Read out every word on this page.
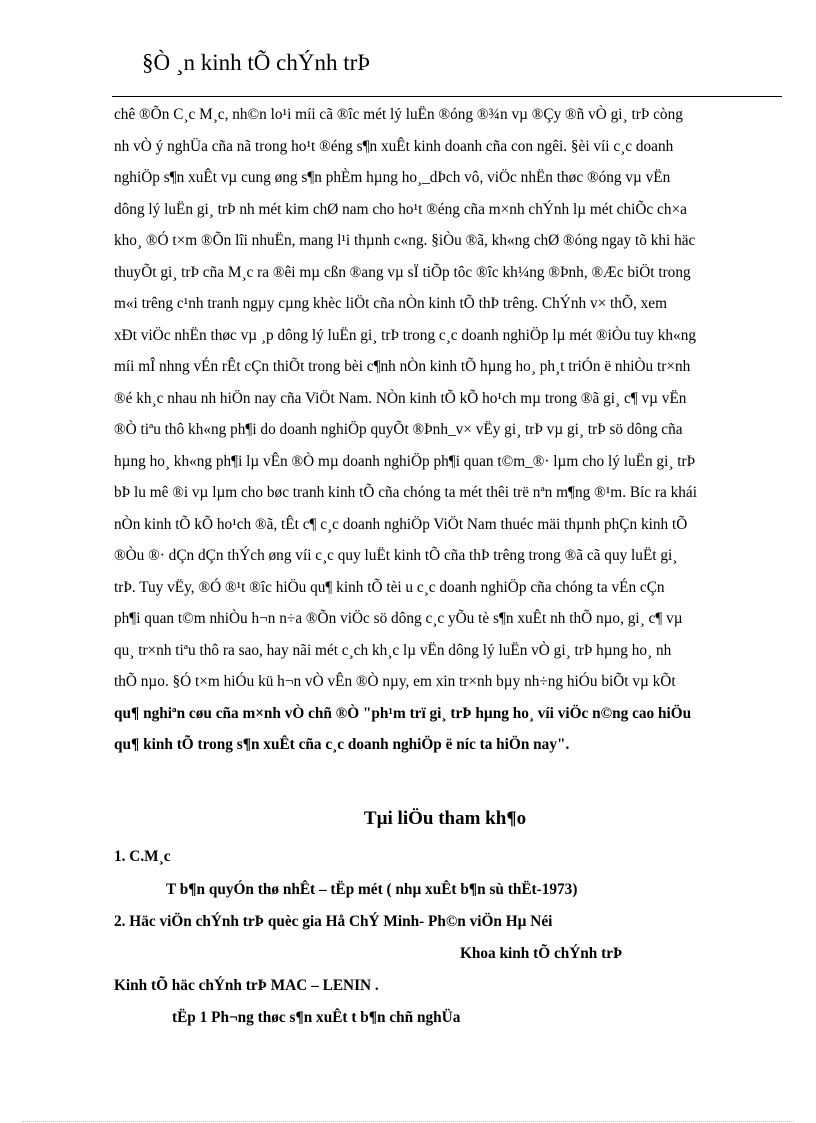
§Ò ¸n kinh tÕ chÝnh trÞ
chê ®Õn C¸c M¸c, nh©n lo¹i míi cã ®îc mét lý luËn ®óng ®¾n vµ ®Çy ®ñ vÒ gi¸ trÞ còng
nh vÒ ý nghÜa cña nã trong ho¹t ®éng s¶n xuÊt kinh doanh cña con ngêi. §èi víi c¸c doanh
nghiÖp s¶n xuÊt vµ cung øng s¶n phÈm hµng ho¸_dÞch vô, viÖc nhËn thøc ®óng vµ vËn
dông lý luËn gi¸ trÞ nh mét kim chØ nam cho ho¹t ®éng cña m×nh chÝnh lµ mét chiÕc ch×a
kho¸ ®Ó t×m ®Õn lîi nhuËn, mang l¹i thµnh c«ng. §iÒu ®ã, kh«ng chØ ®óng ngay tõ khi häc
thuyÕt gi¸ trÞ cña M¸c ra ®êi mµ cßn ®ang vµ sÏ tiÕp tôc ®îc kh¼ng ®Þnh, ®Æc biÖt trong
m«i trêng c¹nh tranh ngµy cµng khèc liÖt cña nÒn kinh tÕ thÞ trêng. ChÝnh v× thÕ, xem
xÐt viÖc nhËn thøc vµ ¸p dông lý luËn gi¸ trÞ trong c¸c doanh nghiÖp lµ mét ®iÒu tuy kh«ng
míi mÎ nhng vÉn rÊt cÇn thiÕt trong bèi c¶nh nÒn kinh tÕ hµng ho¸ ph¸t triÓn ë nhiÒu tr×nh
®é kh¸c nhau nh hiÖn nay cña ViÖt Nam. NÒn kinh tÕ kÕ ho¹ch mµ trong ®ã gi¸ c¶ vµ vËn
®Ò tiªu thô kh«ng ph¶i do doanh nghiÖp quyÕt ®Þnh_v× vËy gi¸ trÞ vµ gi¸ trÞ sö dông cña
hµng ho¸ kh«ng ph¶i lµ vÊn ®Ò mµ doanh nghiÖp ph¶i quan t©m_®· lµm cho lý luËn gi¸ trÞ
bÞ lu mê ®i vµ lµm cho bøc tranh kinh tÕ cña chóng ta mét thêi trë nªn m¶ng ®¹m. Bíc ra khái
nÒn kinh tÕ kÕ ho¹ch ®ã, tÊt c¶ c¸c doanh nghiÖp ViÖt Nam thuéc mäi thµnh phÇn kinh tÕ
®Òu ®· dÇn dÇn thÝch øng víi c¸c quy luËt kinh tÕ cña thÞ trêng trong ®ã cã quy luËt gi¸
trÞ. Tuy vËy, ®Ó ®¹t ®îc hiÖu qu¶ kinh tÕ tèi u c¸c doanh nghiÖp cña chóng ta vÉn cÇn
ph¶i quan t©m nhiÒu h¬n n÷a ®Õn viÖc sö dông c¸c yÕu tè s¶n xuÊt nh thÕ nµo, gi¸ c¶ vµ
qu¸ tr×nh tiªu thô ra sao, hay nãi mét c¸ch kh¸c lµ vËn dông lý luËn vÒ gi¸ trÞ hµng ho¸ nh
thÕ nµo. §Ó t×m hiÓu kü h¬n vÒ vÊn ®Ò nµy, em xin tr×nh bµy nh÷ng hiÓu biÕt vµ kÕt
qu¶ nghiªn cøu cña m×nh vÒ chñ ®Ò "ph¹m trï gi¸ trÞ hµng ho¸ víi viÖc n©ng cao hiÖu
qu¶ kinh tÕ trong s¶n xuÊt cña c¸c doanh nghiÖp ë níc ta hiÖn nay".
Tµi liÖu tham kh¶o
1. C.M¸c
T b¶n quyÓn thø nhÊt – tËp mét ( nhµ xuÊt b¶n sù thËt-1973)
2. Häc viÖn chÝnh trÞ quèc gia Hå ChÝ Minh- Ph©n viÖn Hµ Néi
Khoa kinh tÕ chÝnh trÞ
Kinh tÕ häc chÝnh trÞ MAC – LENIN .
tËp 1 Ph¬ng thøc s¶n xuÊt t b¶n chñ nghÜa
